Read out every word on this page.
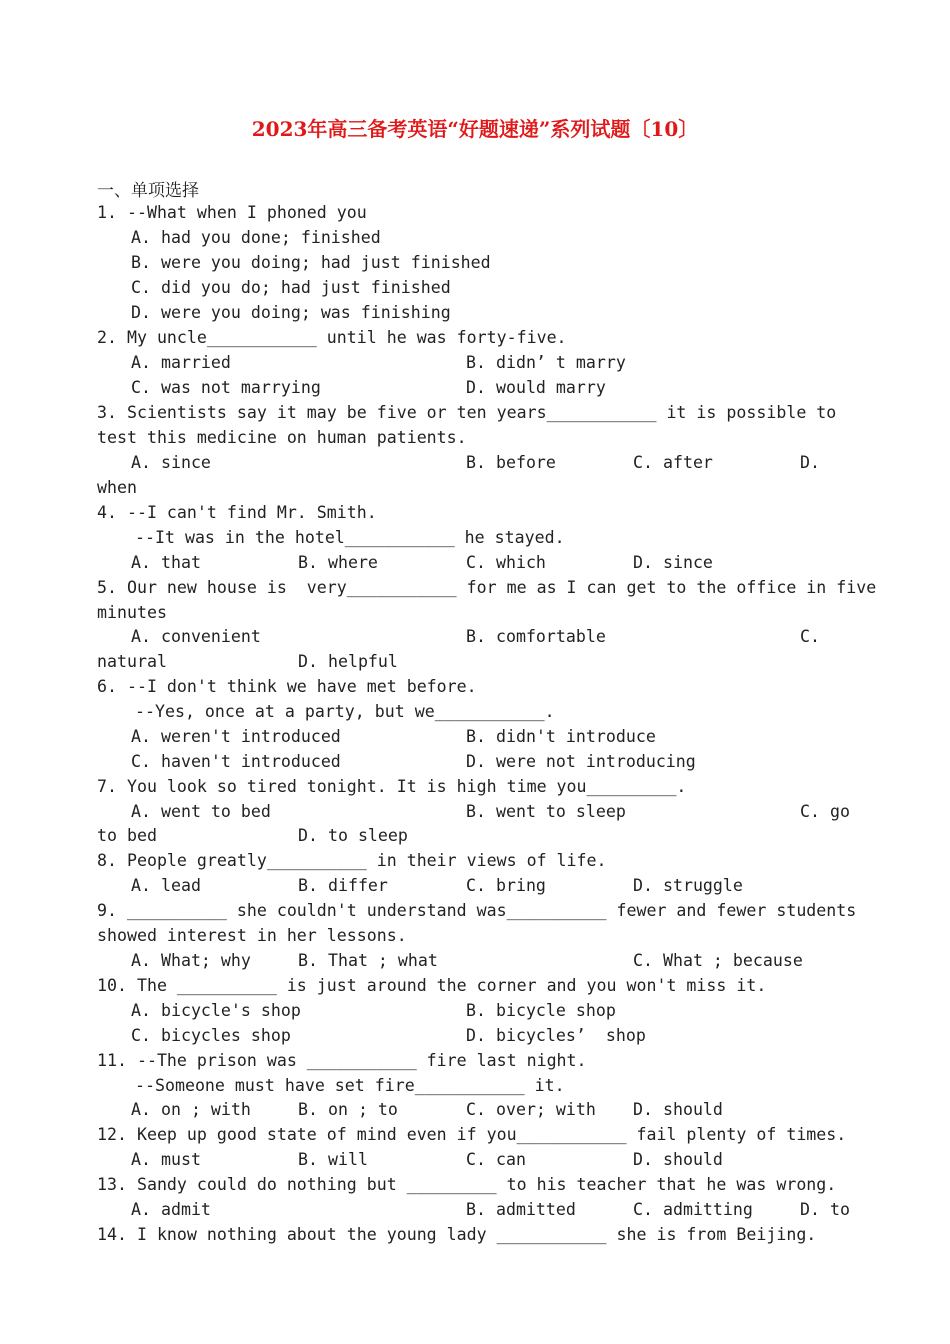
2023年高三备考英语“好题速递”系列试题〔10〕
一、单项选择
1. --What when I phoned you
A. had you done; finished
B. were you doing; had just finished
C. did you do; had just finished
D. were you doing; was finishing
2. My uncle___________ until he was forty-five.
A. married	B. didn’ t marry
C. was not marrying	D. would marry
3. Scientists say it may be five or ten years___________ it is possible to
test this medicine on human patients.
A. since	B. before	C. after	D.
when
4. --I can't find Mr. Smith.
--It was in the hotel___________ he stayed.
A. that	B. where	C. which	D. since
5. Our new house is  very___________ for me as I can get to the office in five
minutes
A. convenient	B. comfortable	C.
natural	D. helpful
6. --I don't think we have met before.
--Yes, once at a party, but we___________.
A. weren't introduced	B. didn't introduce
C. haven't introduced	D. were not introducing
7. You look so tired tonight. It is high time you_________.
A. went to bed	B. went to sleep	C. go
to bed	D. to sleep
8. People greatly__________ in their views of life.
A. lead	B. differ	C. bring	D. struggle
9. __________ she couldn't understand was__________ fewer and fewer students
showed interest in her lessons.
A. What; why	B. That ; what	C. What ; because
10. The __________ is just around the corner and you won't miss it.
A. bicycle's shop	B. bicycle shop
C. bicycles shop	D. bicycles’  shop
11. --The prison was ___________ fire last night.
--Someone must have set fire___________ it.
A. on ; with	B. on ; to	C. over; with D. should
12. Keep up good state of mind even if you___________ fail plenty of times.
A. must	B. will	C. can	D. should
13. Sandy could do nothing but _________ to his teacher that he was wrong.
A. admit	B. admitted	C. admitting	D. to
14. I know nothing about the young lady ___________ she is from Beijing.
